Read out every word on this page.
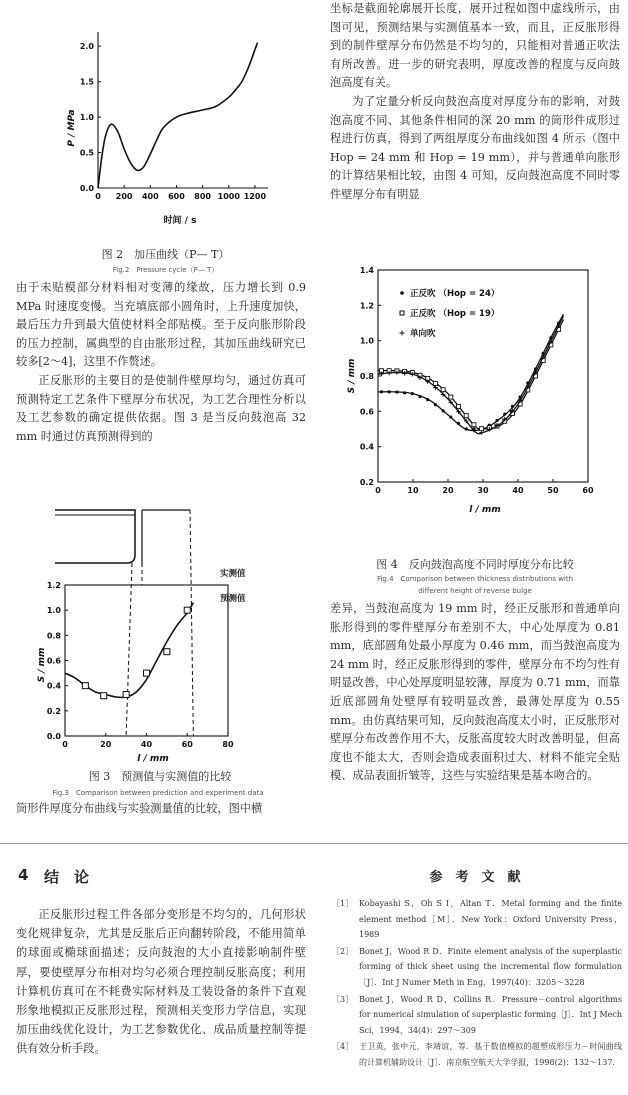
0 200 400 600 800 1000 1200
0.0
0.5
1.0
1.5
2.0
P / MPa
时间 / s
图 2　加压曲线（P— T）
Fig.2　Pressure cycle（P— T）

由于未贴模部分材料相对变薄的缘故，压力增长到 0.9 MPa 时速度变慢。当充填底部小圆角时，上升速度加快，最后压力升到最大值使材料全部贴模。至于反向胀形阶段的压力控制，属典型的自由胀形过程，其加压曲线研究已较多[2～4]，这里不作赘述。

正反胀形的主要目的是使制件壁厚均匀，通过仿真可预测特定工艺条件下壁厚分布状况，为工艺合理性分析以及工艺参数的确定提供依据。图 3 是当反向鼓泡高 32 mm 时通过仿真预测得到的

0	20	40	60	80
0.0
0.2
0.4
0.6
0.8
1.0
1.2
S / mm
l / mm
实测值
预测值
图 3　预测值与实测值的比较
Fig.3　Comparison between prediction and experiment data
筒形件厚度分布曲线与实验测量值的比较，图中横

坐标是截面轮廓展开长度，展开过程如图中虚线所示，由图可见，预测结果与实测值基本一致，而且，正反胀形得到的制件壁厚分布仍然是不均匀的，只能相对普通正吹法有所改善。进一步的研究表明，厚度改善的程度与反向鼓泡高度有关。

为了定量分析反向鼓泡高度对厚度分布的影响，对鼓泡高度不同、其他条件相同的深 20 mm 的筒形件成形过程进行仿真，得到了两组厚度分布曲线如图 4 所示（图中 Hop = 24 mm 和 Hop = 19 mm），并与普通单向胀形的计算结果相比较，由图 4 可知，反向鼓泡高度不同时零件壁厚分布有明显

0	10	20	30	40	50	60
0.2
0.4
0.6
0.8
1.0
1.2
1.4
正反吹 （Hop = 24）
正反吹 （Hop = 19）
单向吹
S / mm
l / mm
图 4　反向鼓泡高度不同时厚度分布比较
Fig.4　Comparison between thickness distributions with
different height of reverse bulge
差异，当鼓泡高度为 19 mm 时，经正反胀形和普通单向胀形得到的零件壁厚分布差别不大，中心处厚度为 0.81 mm，底部圆角处最小厚度为 0.46 mm，而当鼓泡高度为 24 mm 时，经正反胀形得到的零件，壁厚分布不均匀性有明显改善，中心处厚度明显较薄，厚度为 0.71 mm，而靠近底部圆角处壁厚有较明显改善，最薄处厚度为 0.55 mm。由仿真结果可知，反向鼓泡高度太小时，正反胀形对壁厚分布改善作用不大，反胀高度较大时改善明显，但高度也不能太大，否则会造成表面积过大、材料不能完全贴模、成品表面折皱等，这些与实验结果是基本吻合的。
4 结　论
正反胀形过程工件各部分变形是不均匀的，几何形状变化规律复杂，尤其是反胀后正向翻转阶段，不能用简单的球面或椭球面描述；反向鼓泡的大小直接影响制件壁厚，要使壁厚分布相对均匀必须合理控制反胀高度；利用计算机仿真可在不耗费实际材料及工装设备的条件下直观形象地模拟正反胀形过程，预测相关变形力学信息，实现加压曲线优化设计，为工艺参数优化、成品质量控制等提供有效分析手段。
参　考　文　献
［1］ Kobayashi S，Oh S I，Altan T．Metal forming and the finite element method［M］．New York：Oxford University Press，1989
［2］ Bonet J，Wood R D．Finite element analysis of the superplastic forming of thick sheet using the incremental flow formulation［J］．Int J Numer Meth in Eng，1997(40)：3205～3228
［3］ Bonet J，Wood R D，Collins R．Pressure－control algorithms for numerical simulation of superplastic forming［J］．Int J Mech Sci，1994，34(4)：297～309
［4］ 王卫英，张中元，李靖谊，等．基于数值模拟的超塑成形压力－时间曲线的计算机辅助设计［J］．南京航空航天大学学报，1998(2)：132～137．
